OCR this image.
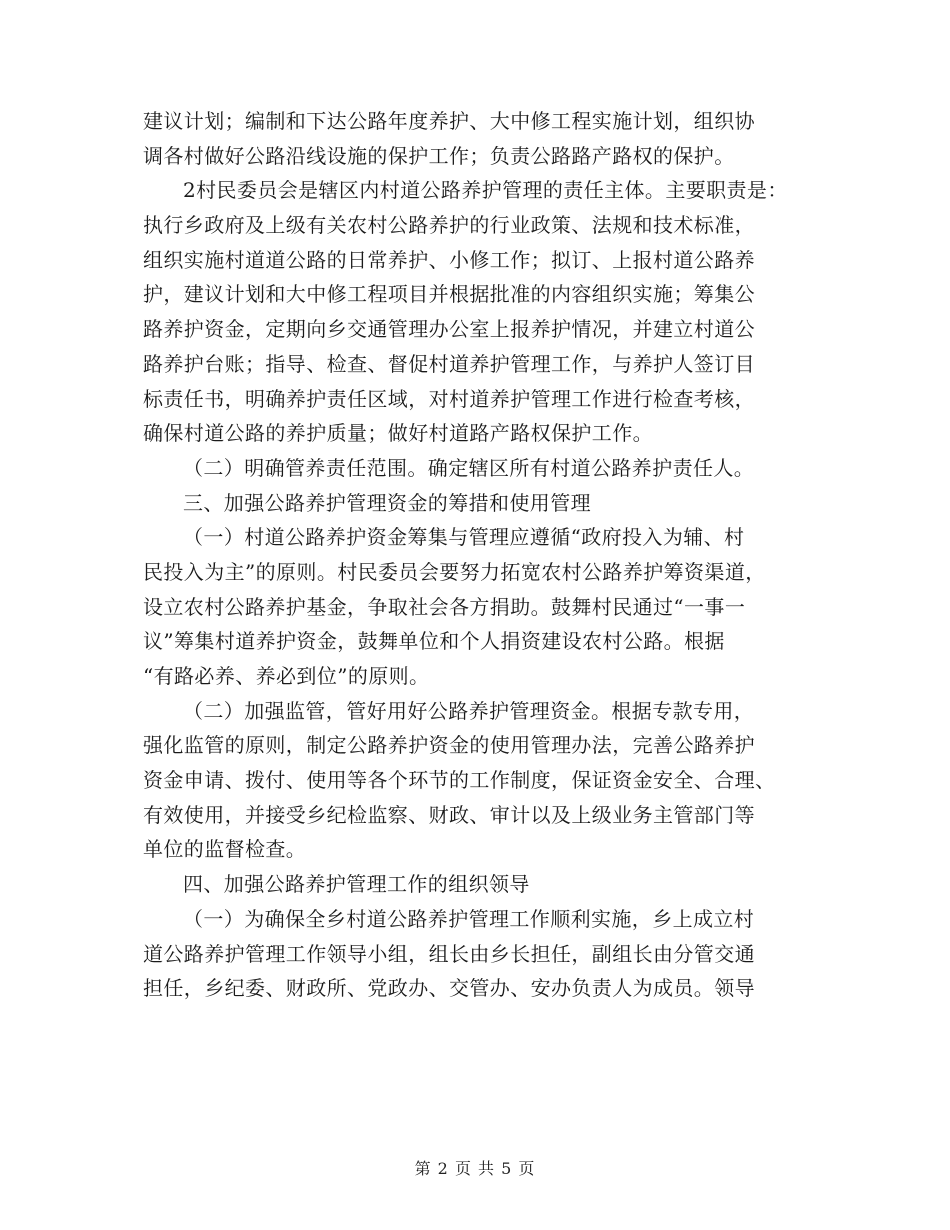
建议计划；编制和下达公路年度养护、大中修工程实施计划，组织协
调各村做好公路沿线设施的保护工作；负责公路路产路权的保护。
2村民委员会是辖区内村道公路养护管理的责任主体。主要职责是：
执行乡政府及上级有关农村公路养护的行业政策、法规和技术标准，
组织实施村道道公路的日常养护、小修工作；拟订、上报村道公路养
护，建议计划和大中修工程项目并根据批准的内容组织实施；筹集公
路养护资金，定期向乡交通管理办公室上报养护情况，并建立村道公
路养护台账；指导、检查、督促村道养护管理工作，与养护人签订目
标责任书，明确养护责任区域，对村道养护管理工作进行检查考核，
确保村道公路的养护质量；做好村道路产路权保护工作。
（二）明确管养责任范围。确定辖区所有村道公路养护责任人。
三、加强公路养护管理资金的筹措和使用管理
（一）村道公路养护资金筹集与管理应遵循“政府投入为辅、村
民投入为主”的原则。村民委员会要努力拓宽农村公路养护筹资渠道，
设立农村公路养护基金，争取社会各方捐助。鼓舞村民通过“一事一
议”筹集村道养护资金，鼓舞单位和个人捐资建设农村公路。根据
“有路必养、养必到位”的原则。
（二）加强监管，管好用好公路养护管理资金。根据专款专用，
强化监管的原则，制定公路养护资金的使用管理办法，完善公路养护
资金申请、拨付、使用等各个环节的工作制度，保证资金安全、合理、
有效使用，并接受乡纪检监察、财政、审计以及上级业务主管部门等
单位的监督检查。
四、加强公路养护管理工作的组织领导
（一）为确保全乡村道公路养护管理工作顺利实施，乡上成立村
道公路养护管理工作领导小组，组长由乡长担任，副组长由分管交通
担任，乡纪委、财政所、党政办、交管办、安办负责人为成员。领导
第 2 页 共 5 页
